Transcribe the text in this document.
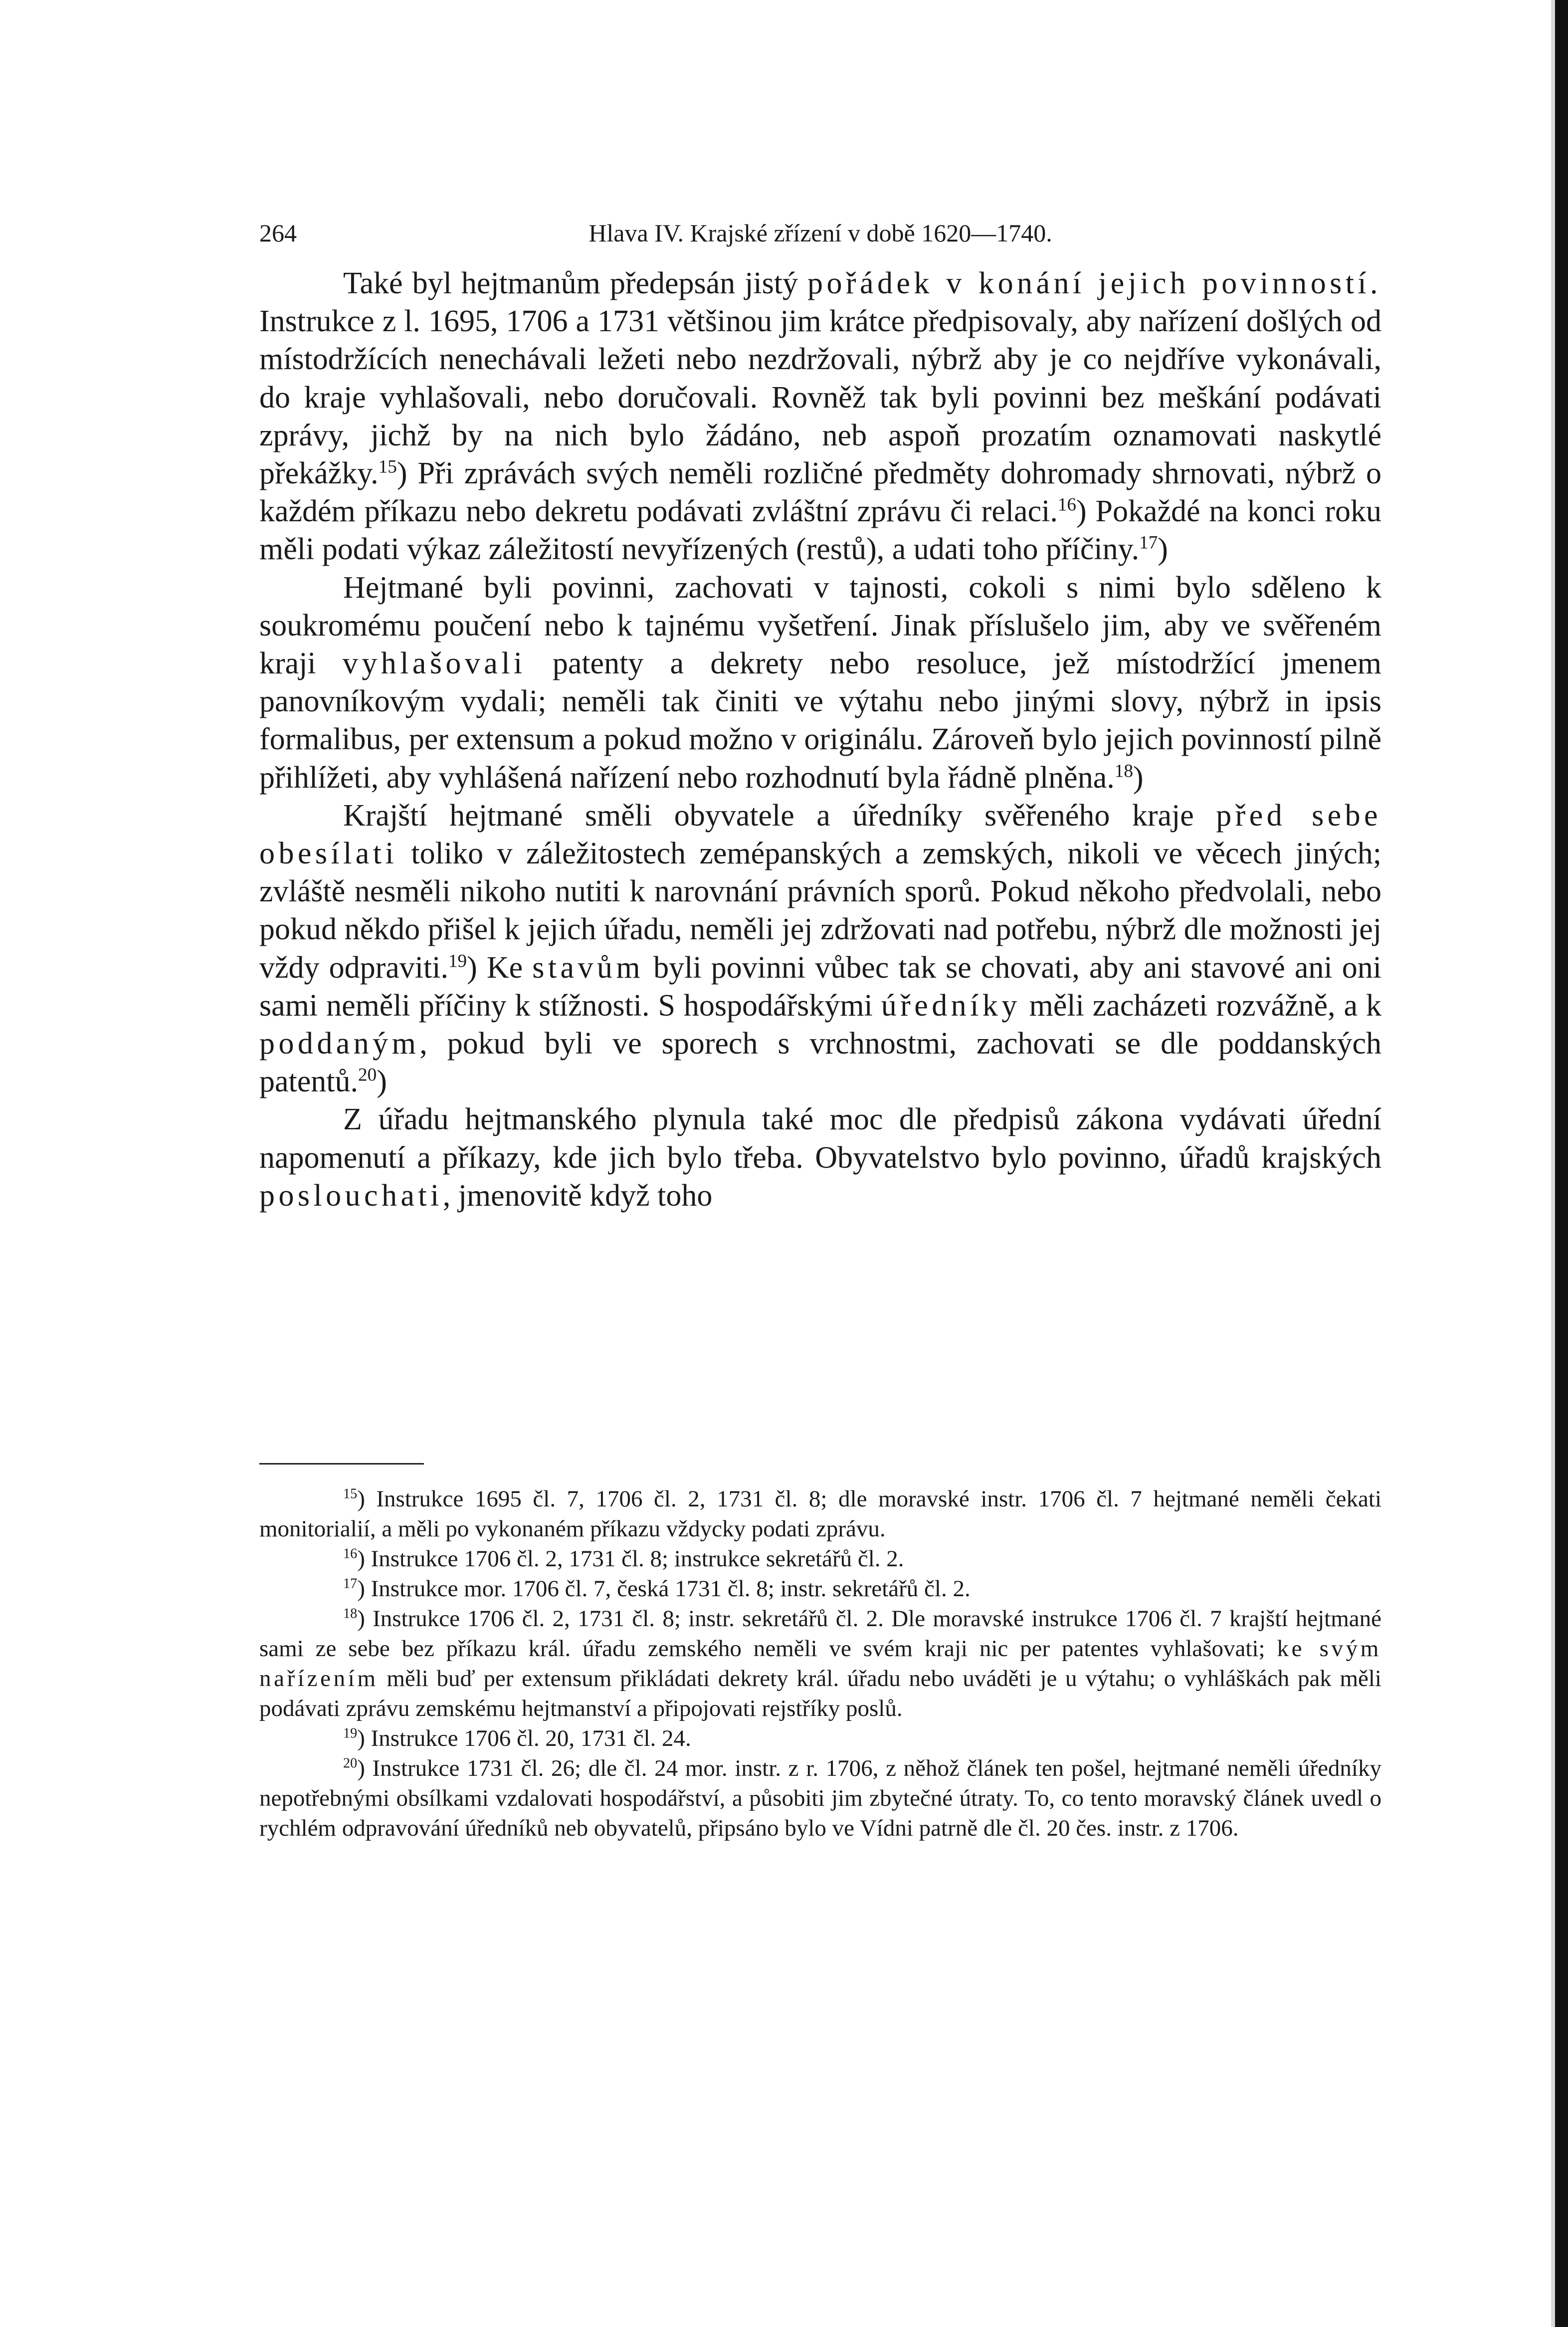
264	Hlava IV. Krajské zřízení v době 1620—1740.

Také byl hejtmanům předepsán jistý pořádek v konání jejich povinností. Instrukce z l. 1695, 1706 a 1731 většinou jim krátce předpisovaly, aby nařízení došlých od místodržících nenechávali ležeti nebo nezdržovali, nýbrž aby je co nejdříve vykonávali, do kraje vyhlašovali, nebo doručovali. Rovněž tak byli povinni bez meškání podávati zprávy, jichž by na nich bylo žádáno, neb aspoň prozatím oznamovati naskytlé překážky.$^{15}$) Při zprávách svých neměli rozličné předměty dohromady shrnovati, nýbrž o každém příkazu nebo dekretu podávati zvláštní zprávu či relaci.$^{16}$) Pokaždé na konci roku měli podati výkaz záležitostí nevyřízených (restů), a udati toho příčiny.$^{17}$)

Hejtmané byli povinni, zachovati v tajnosti, cokoli s nimi bylo sděleno k soukromému poučení nebo k tajnému vyšetření. Jinak příslušelo jim, aby ve svěřeném kraji vyhlašovali patenty a dekrety nebo resoluce, jež místodržící jmenem panovníkovým vydali; neměli tak činiti ve výtahu nebo jinými slovy, nýbrž in ipsis formalibus, per extensum a pokud možno v originálu. Zároveň bylo jejich povinností pilně přihlížeti, aby vyhlášená nařízení nebo rozhodnutí byla řádně plněna.$^{18}$)

Krajští hejtmané směli obyvatele a úředníky svěřeného kraje před sebe obesílati toliko v záležitostech zemépanských a zemských, nikoli ve věcech jiných; zvláště nesměli nikoho nutiti k narovnání právních sporů. Pokud někoho předvolali, nebo pokud někdo přišel k jejich úřadu, neměli jej zdržovati nad potřebu, nýbrž dle možnosti jej vždy odpraviti.$^{19}$) Ke stavům byli povinni vůbec tak se chovati, aby ani stavové ani oni sami neměli příčiny k stížnosti. S hospodářskými úředníky měli zacházeti rozvážně, a k poddaným, pokud byli ve sporech s vrchnostmi, zachovati se dle poddanských patentů.$^{20}$)

Z úřadu hejtmanského plynula také moc dle předpisů zákona vydávati úřední napomenutí a příkazy, kde jich bylo třeba. Obyvatelstvo bylo povinno, úřadů krajských poslouchati, jmenovitě když toho

$^{15}$) Instrukce 1695 čl. 7, 1706 čl. 2, 1731 čl. 8; dle moravské instr. 1706 čl. 7 hejtmané neměli čekati monitorialií, a měli po vykonaném příkazu vždycky podati zprávu.

$^{16}$) Instrukce 1706 čl. 2, 1731 čl. 8; instrukce sekretářů čl. 2.

$^{17}$) Instrukce mor. 1706 čl. 7, česká 1731 čl. 8; instr. sekretářů čl. 2.

$^{18}$) Instrukce 1706 čl. 2, 1731 čl. 8; instr. sekretářů čl. 2. Dle moravské instrukce 1706 čl. 7 krajští hejtmané sami ze sebe bez příkazu král. úřadu zemského neměli ve svém kraji nic per patentes vyhlašovati; ke svým nařízením měli buď per extensum přikládati dekrety král. úřadu nebo uváděti je u výtahu; o vyhláškách pak měli podávati zprávu zemskému hejtmanství a připojovati rejstříky poslů.

$^{19}$) Instrukce 1706 čl. 20, 1731 čl. 24.

$^{20}$) Instrukce 1731 čl. 26; dle čl. 24 mor. instr. z r. 1706, z něhož článek ten pošel, hejtmané neměli úředníky nepotřebnými obsílkami vzdalovati hospodářství, a působiti jim zbytečné útraty. To, co tento moravský článek uvedl o rychlém odpravování úředníků neb obyvatelů, připsáno bylo ve Vídni patrně dle čl. 20 čes. instr. z 1706.
